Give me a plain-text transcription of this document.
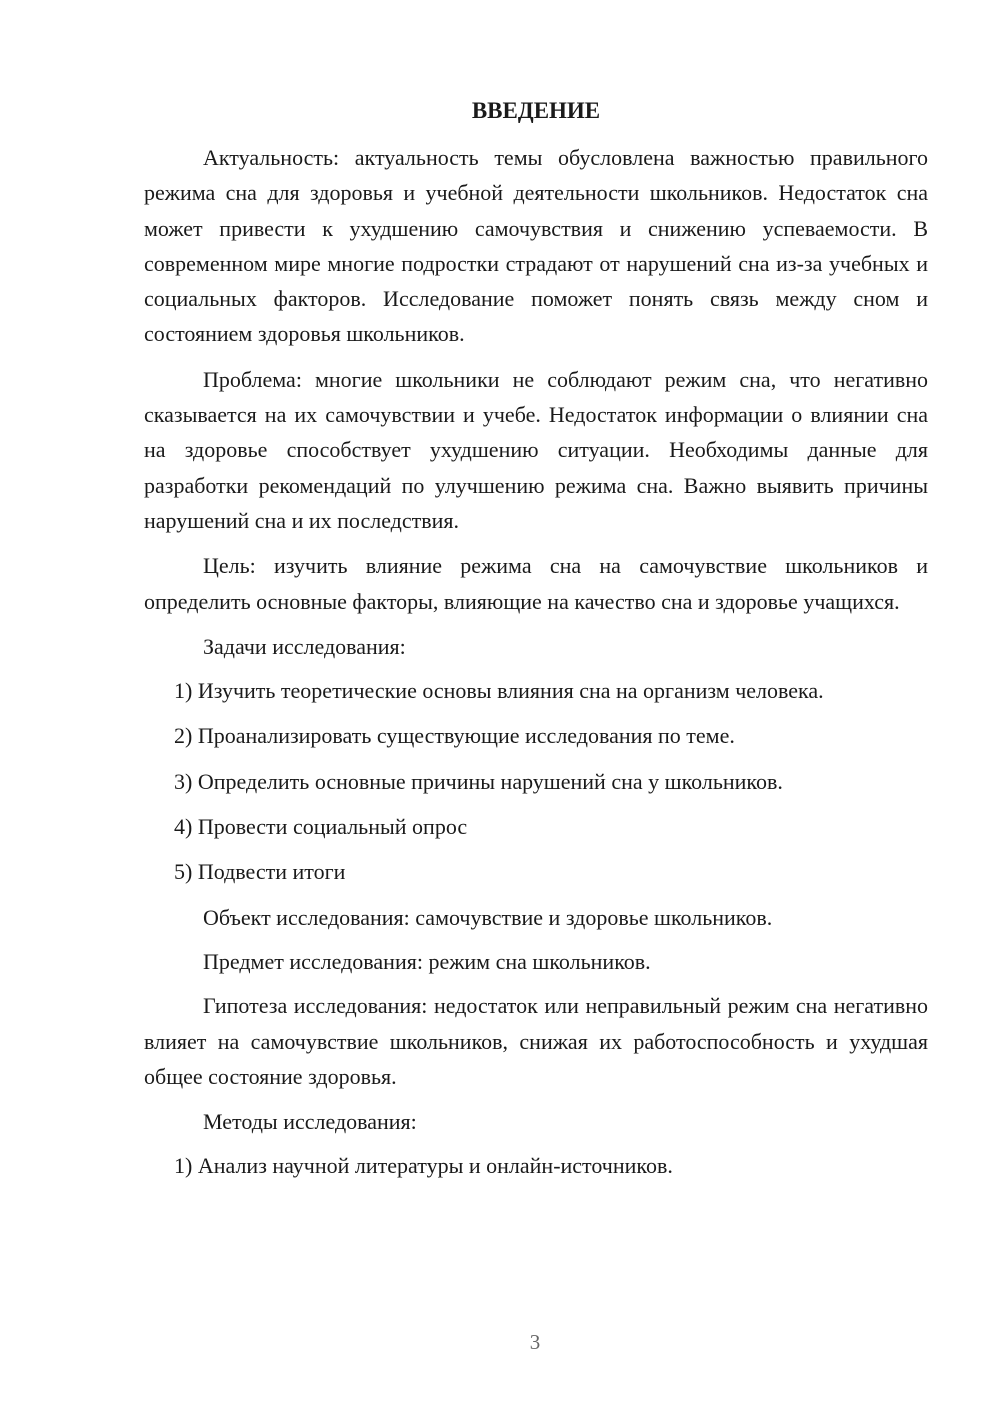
ВВЕДЕНИЕ

Актуальность: актуальность темы обусловлена важностью правильного режима сна для здоровья и учебной деятельности школьников. Недостаток сна может привести к ухудшению самочувствия и снижению успеваемости. В современном мире многие подростки страдают от нарушений сна из-за учебных и социальных факторов. Исследование поможет понять связь между сном и состоянием здоровья школьников.

Проблема: многие школьники не соблюдают режим сна, что негативно сказывается на их самочувствии и учебе. Недостаток информации о влиянии сна на здоровье способствует ухудшению ситуации. Необходимы данные для разработки рекомендаций по улучшению режима сна. Важно выявить причины нарушений сна и их последствия.

Цель: изучить влияние режима сна на самочувствие школьников и определить основные факторы, влияющие на качество сна и здоровье учащихся.

Задачи исследования:

1) Изучить теоретические основы влияния сна на организм человека.
2) Проанализировать существующие исследования по теме.
3) Определить основные причины нарушений сна у школьников.
4) Провести социальный опрос
5) Подвести итоги

Объект исследования: самочувствие и здоровье школьников.

Предмет исследования: режим сна школьников.

Гипотеза исследования: недостаток или неправильный режим сна негативно влияет на самочувствие школьников, снижая их работоспособность и ухудшая общее состояние здоровья.

Методы исследования:

1) Анализ научной литературы и онлайн-источников.
3
